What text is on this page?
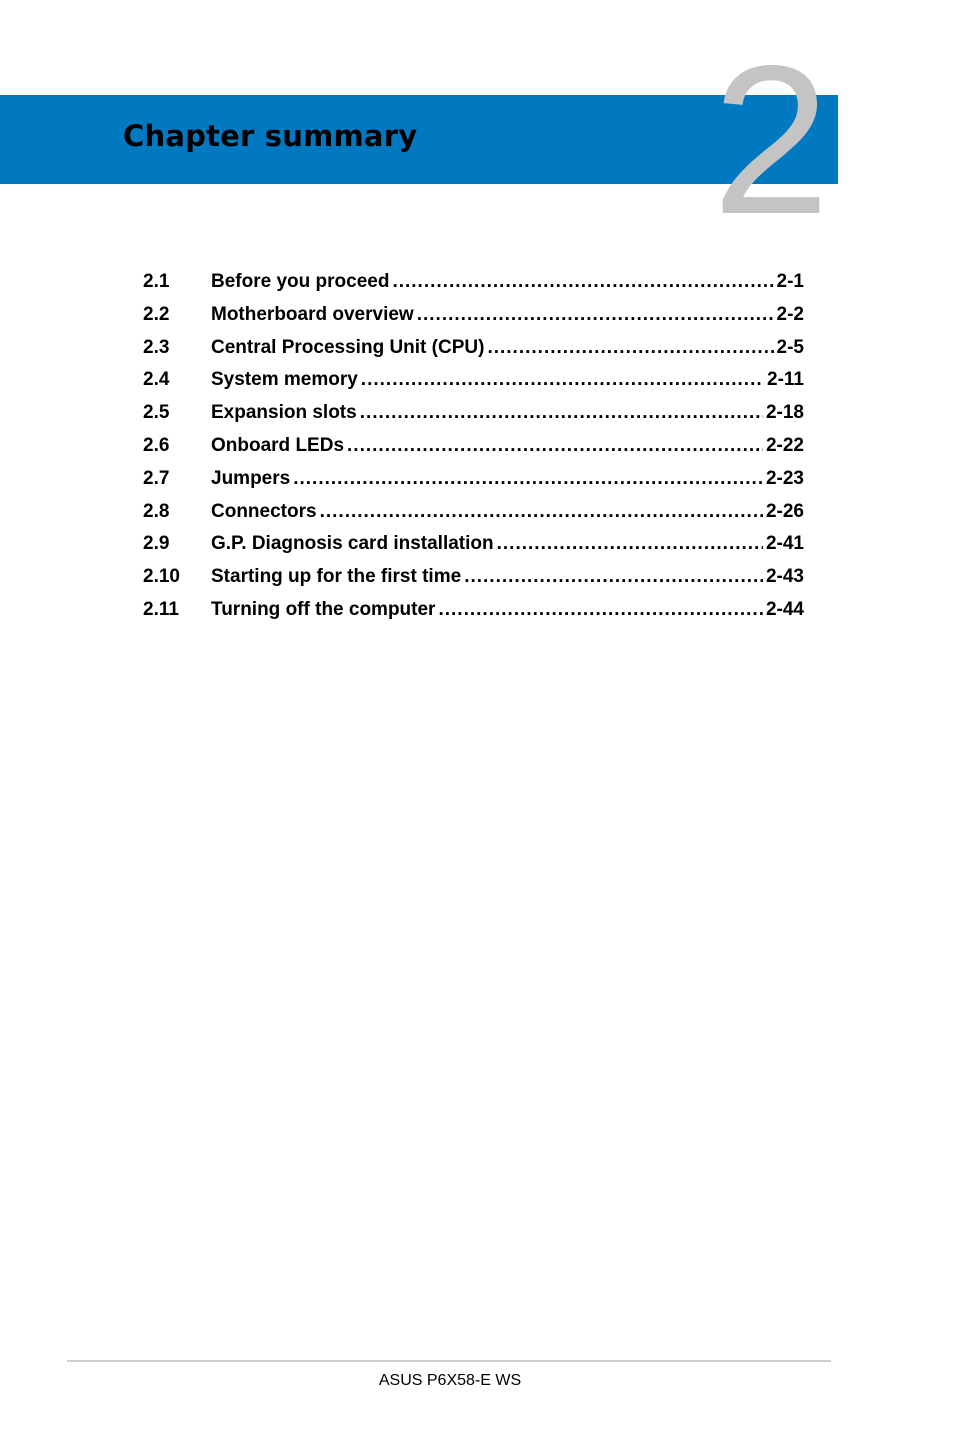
Chapter summary 2
2.1	Before you proceed .....	2-1
2.2	Motherboard overview .....	2-2
2.3	Central Processing Unit (CPU) .....	2-5
2.4	System memory .....	2-11
2.5	Expansion slots .....	2-18
2.6	Onboard LEDs .....	2-22
2.7	Jumpers .....	2-23
2.8	Connectors .....	2-26
2.9	G.P. Diagnosis card installation .....	2-41
2.10	Starting up for the first time .....	2-43
2.11	Turning off the computer .....	2-44
ASUS P6X58-E WS
